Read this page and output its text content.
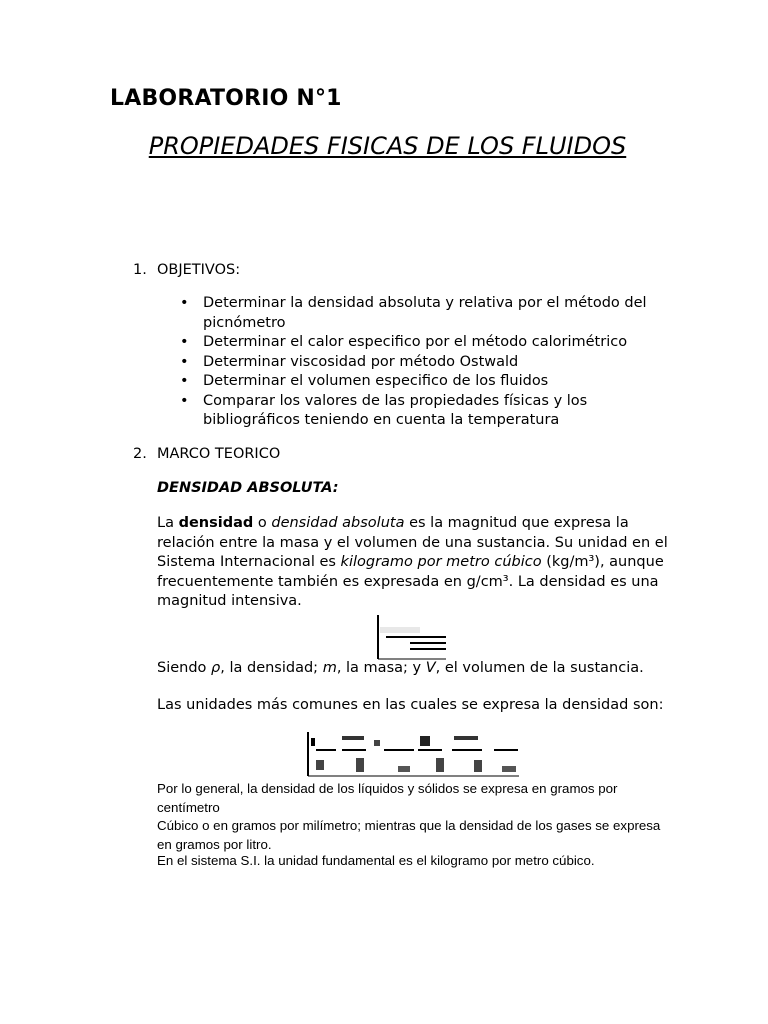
LABORATORIO N°1
PROPIEDADES FISICAS DE LOS FLUIDOS
1. OBJETIVOS:
• Determinar la densidad absoluta y relativa por el método del picnómetro
• Determinar el calor especifico por el método calorimétrico
• Determinar viscosidad por método Ostwald
• Determinar el volumen especifico de los fluidos
• Comparar los valores de las propiedades físicas y los bibliográficos teniendo en cuenta la temperatura
2. MARCO TEORICO
DENSIDAD ABSOLUTA:
La densidad o densidad absoluta es la magnitud que expresa la relación entre la masa y el volumen de una sustancia. Su unidad en el Sistema Internacional es kilogramo por metro cúbico (kg/m³), aunque frecuentemente también es expresada en g/cm³. La densidad es una magnitud intensiva.
Siendo ρ, la densidad; m, la masa; y V, el volumen de la sustancia.
Las unidades más comunes en las cuales se expresa la densidad son:
Por lo general, la densidad de los líquidos y sólidos se expresa en gramos por centímetro
Cúbico o en gramos por milímetro; mientras que la densidad de los gases se expresa en gramos por litro.
En el sistema S.I. la unidad fundamental es el kilogramo por metro cúbico.
